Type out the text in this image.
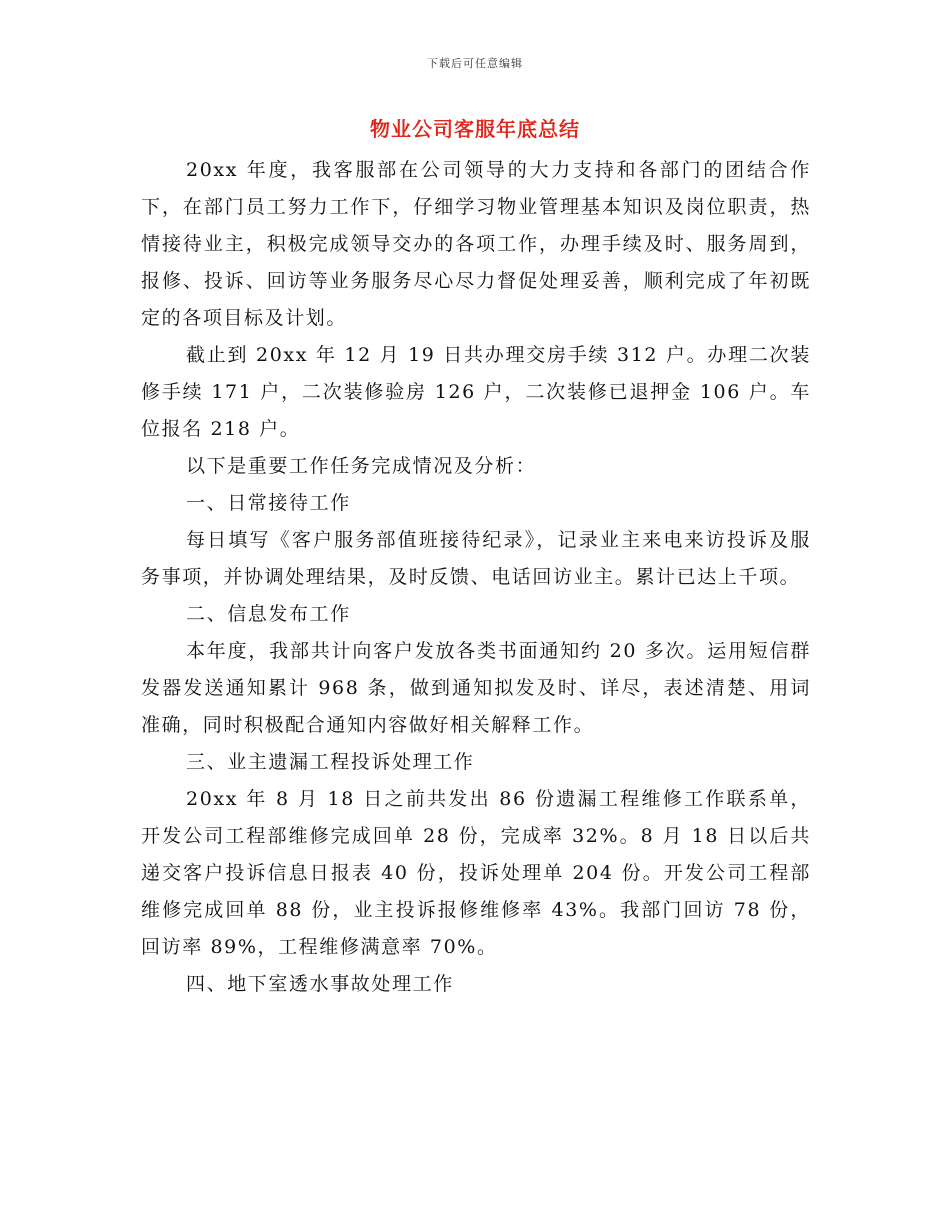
下载后可任意编辑
物业公司客服年底总结

20xx 年度，我客服部在公司领导的大力支持和各部门的团结合作下，在部门员工努力工作下，仔细学习物业管理基本知识及岗位职责，热情接待业主，积极完成领导交办的各项工作，办理手续及时、服务周到，报修、投诉、回访等业务服务尽心尽力督促处理妥善，顺利完成了年初既定的各项目标及计划。

截止到 20xx 年 12 月 19 日共办理交房手续 312 户。办理二次装修手续 171 户，二次装修验房 126 户，二次装修已退押金 106 户。车位报名 218 户。

以下是重要工作任务完成情况及分析：

一、日常接待工作

每日填写《客户服务部值班接待纪录》，记录业主来电来访投诉及服务事项，并协调处理结果，及时反馈、电话回访业主。累计已达上千项。

二、信息发布工作

本年度，我部共计向客户发放各类书面通知约 20 多次。运用短信群发器发送通知累计 968 条，做到通知拟发及时、详尽，表述清楚、用词准确，同时积极配合通知内容做好相关解释工作。

三、业主遗漏工程投诉处理工作

20xx 年 8 月 18 日之前共发出 86 份遗漏工程维修工作联系单，开发公司工程部维修完成回单 28 份，完成率 32%。8 月 18 日以后共递交客户投诉信息日报表 40 份，投诉处理单 204 份。开发公司工程部维修完成回单 88 份，业主投诉报修维修率 43%。我部门回访 78 份，回访率 89%，工程维修满意率 70%。

四、地下室透水事故处理工作
